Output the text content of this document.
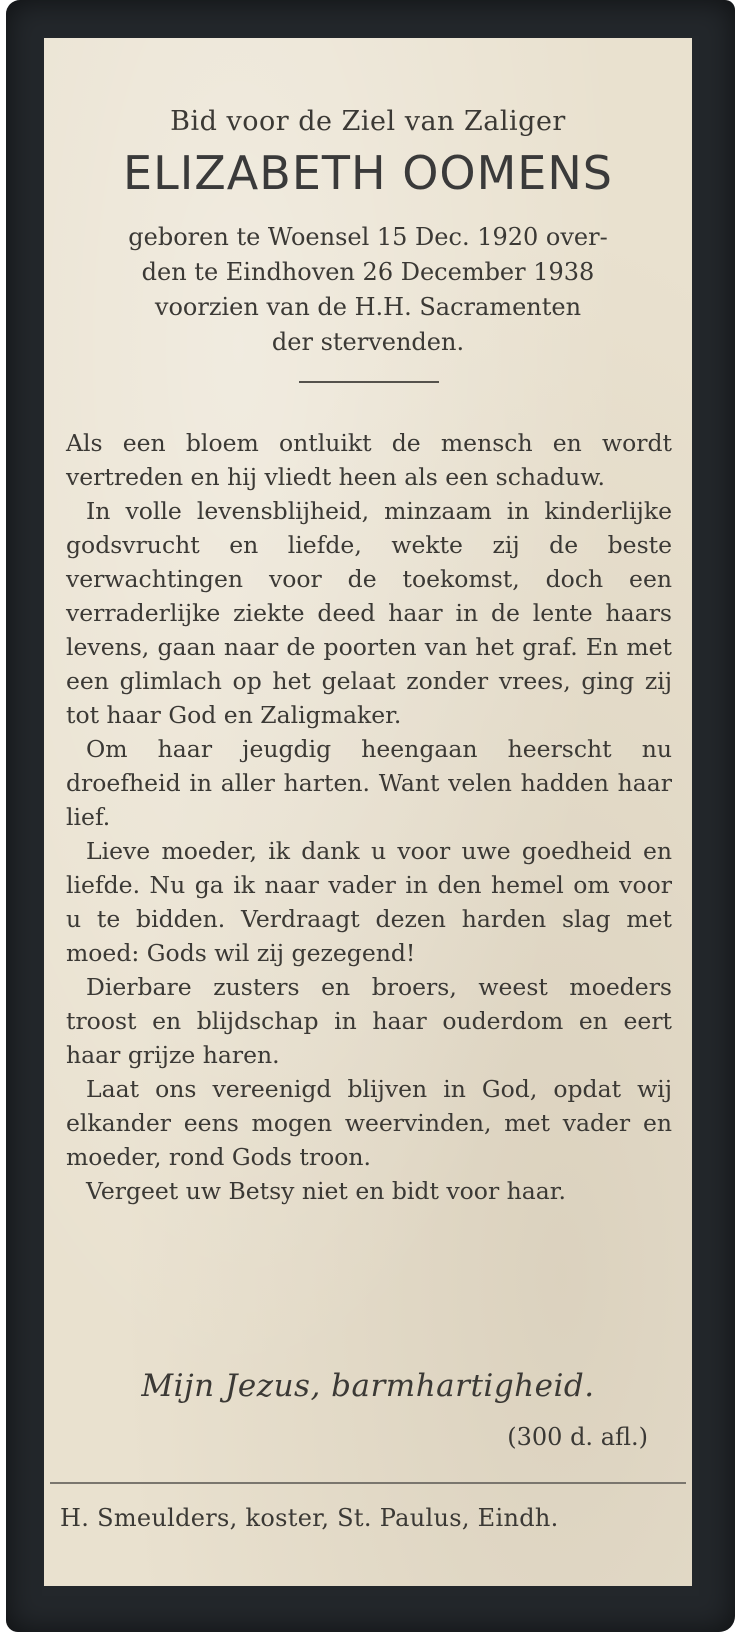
Bid voor de Ziel van Zaliger
ELIZABETH OOMENS
geboren te Woensel 15 Dec. 1920 over-
den te Eindhoven 26 December 1938
voorzien van de H.H. Sacramenten
der stervenden.

Als een bloem ontluikt de mensch en wordt vertreden en hij vliedt heen als een schaduw.

In volle levensblijheid, minzaam in kinderlijke godsvrucht en liefde, wekte zij de beste verwachtingen voor de toekomst, doch een verraderlijke ziekte deed haar in de lente haars levens, gaan naar de poorten van het graf. En met een glimlach op het gelaat zonder vrees, ging zij tot haar God en Zaligmaker.

Om haar jeugdig heengaan heerscht nu droefheid in aller harten. Want velen hadden haar lief.

Lieve moeder, ik dank u voor uwe goedheid en liefde. Nu ga ik naar vader in den hemel om voor u te bidden. Verdraagt dezen harden slag met moed: Gods wil zij gezegend!

Dierbare zusters en broers, weest moeders troost en blijdschap in haar ouderdom en eert haar grijze haren.

Laat ons vereenigd blijven in God, opdat wij elkander eens mogen weervinden, met vader en moeder, rond Gods troon.

Vergeet uw Betsy niet en bidt voor haar.

Mijn Jezus, barmhartigheid.
(300 d. afl.)
H. Smeulders, koster, St. Paulus, Eindh.
